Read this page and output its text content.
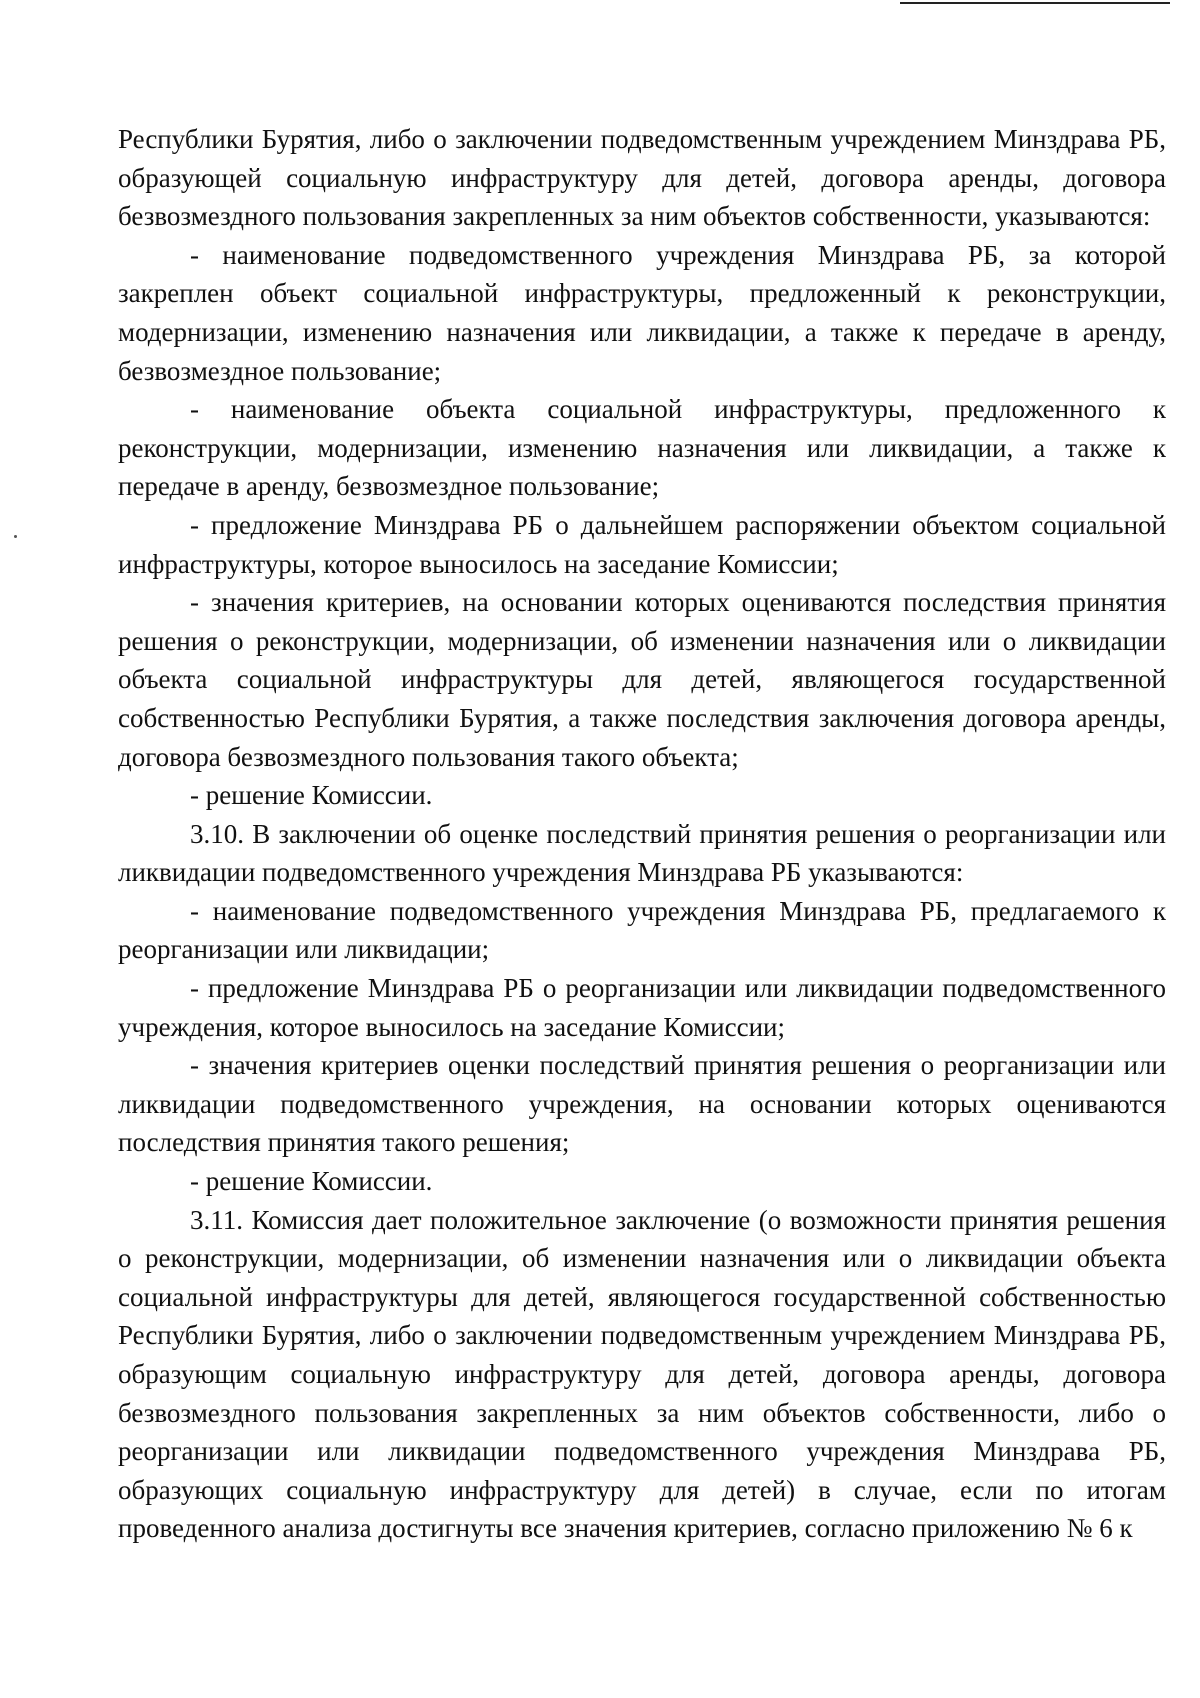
Республики Бурятия, либо о заключении подведомственным учреждением Минздрава РБ, образующей социальную инфраструктуру для детей, договора аренды, договора безвозмездного пользования закрепленных за ним объектов собственности, указываются:

- наименование подведомственного учреждения Минздрава РБ, за которой закреплен объект социальной инфраструктуры, предложенный к реконструкции, модернизации, изменению назначения или ликвидации, а также к передаче в аренду, безвозмездное пользование;

- наименование объекта социальной инфраструктуры, предложенного к реконструкции, модернизации, изменению назначения или ликвидации, а также к передаче в аренду, безвозмездное пользование;

- предложение Минздрава РБ о дальнейшем распоряжении объектом социальной инфраструктуры, которое выносилось на заседание Комиссии;

- значения критериев, на основании которых оцениваются последствия принятия решения о реконструкции, модернизации, об изменении назначения или о ликвидации объекта социальной инфраструктуры для детей, являющегося государственной собственностью Республики Бурятия, а также последствия заключения договора аренды, договора безвозмездного пользования такого объекта;

- решение Комиссии.

3.10. В заключении об оценке последствий принятия решения о реорганизации или ликвидации подведомственного учреждения Минздрава РБ указываются:

- наименование подведомственного учреждения Минздрава РБ, предлагаемого к реорганизации или ликвидации;

- предложение Минздрава РБ о реорганизации или ликвидации подведомственного учреждения, которое выносилось на заседание Комиссии;

- значения критериев оценки последствий принятия решения о реорганизации или ликвидации подведомственного учреждения, на основании которых оцениваются последствия принятия такого решения;

- решение Комиссии.

3.11. Комиссия дает положительное заключение (о возможности принятия решения о реконструкции, модернизации, об изменении назначения или о ликвидации объекта социальной инфраструктуры для детей, являющегося государственной собственностью Республики Бурятия, либо о заключении подведомственным учреждением Минздрава РБ, образующим социальную инфраструктуру для детей, договора аренды, договора безвозмездного пользования закрепленных за ним объектов собственности, либо о реорганизации или ликвидации подведомственного учреждения Минздрава РБ, образующих социальную инфраструктуру для детей) в случае, если по итогам проведенного анализа достигнуты все значения критериев, согласно приложению № 6 к
